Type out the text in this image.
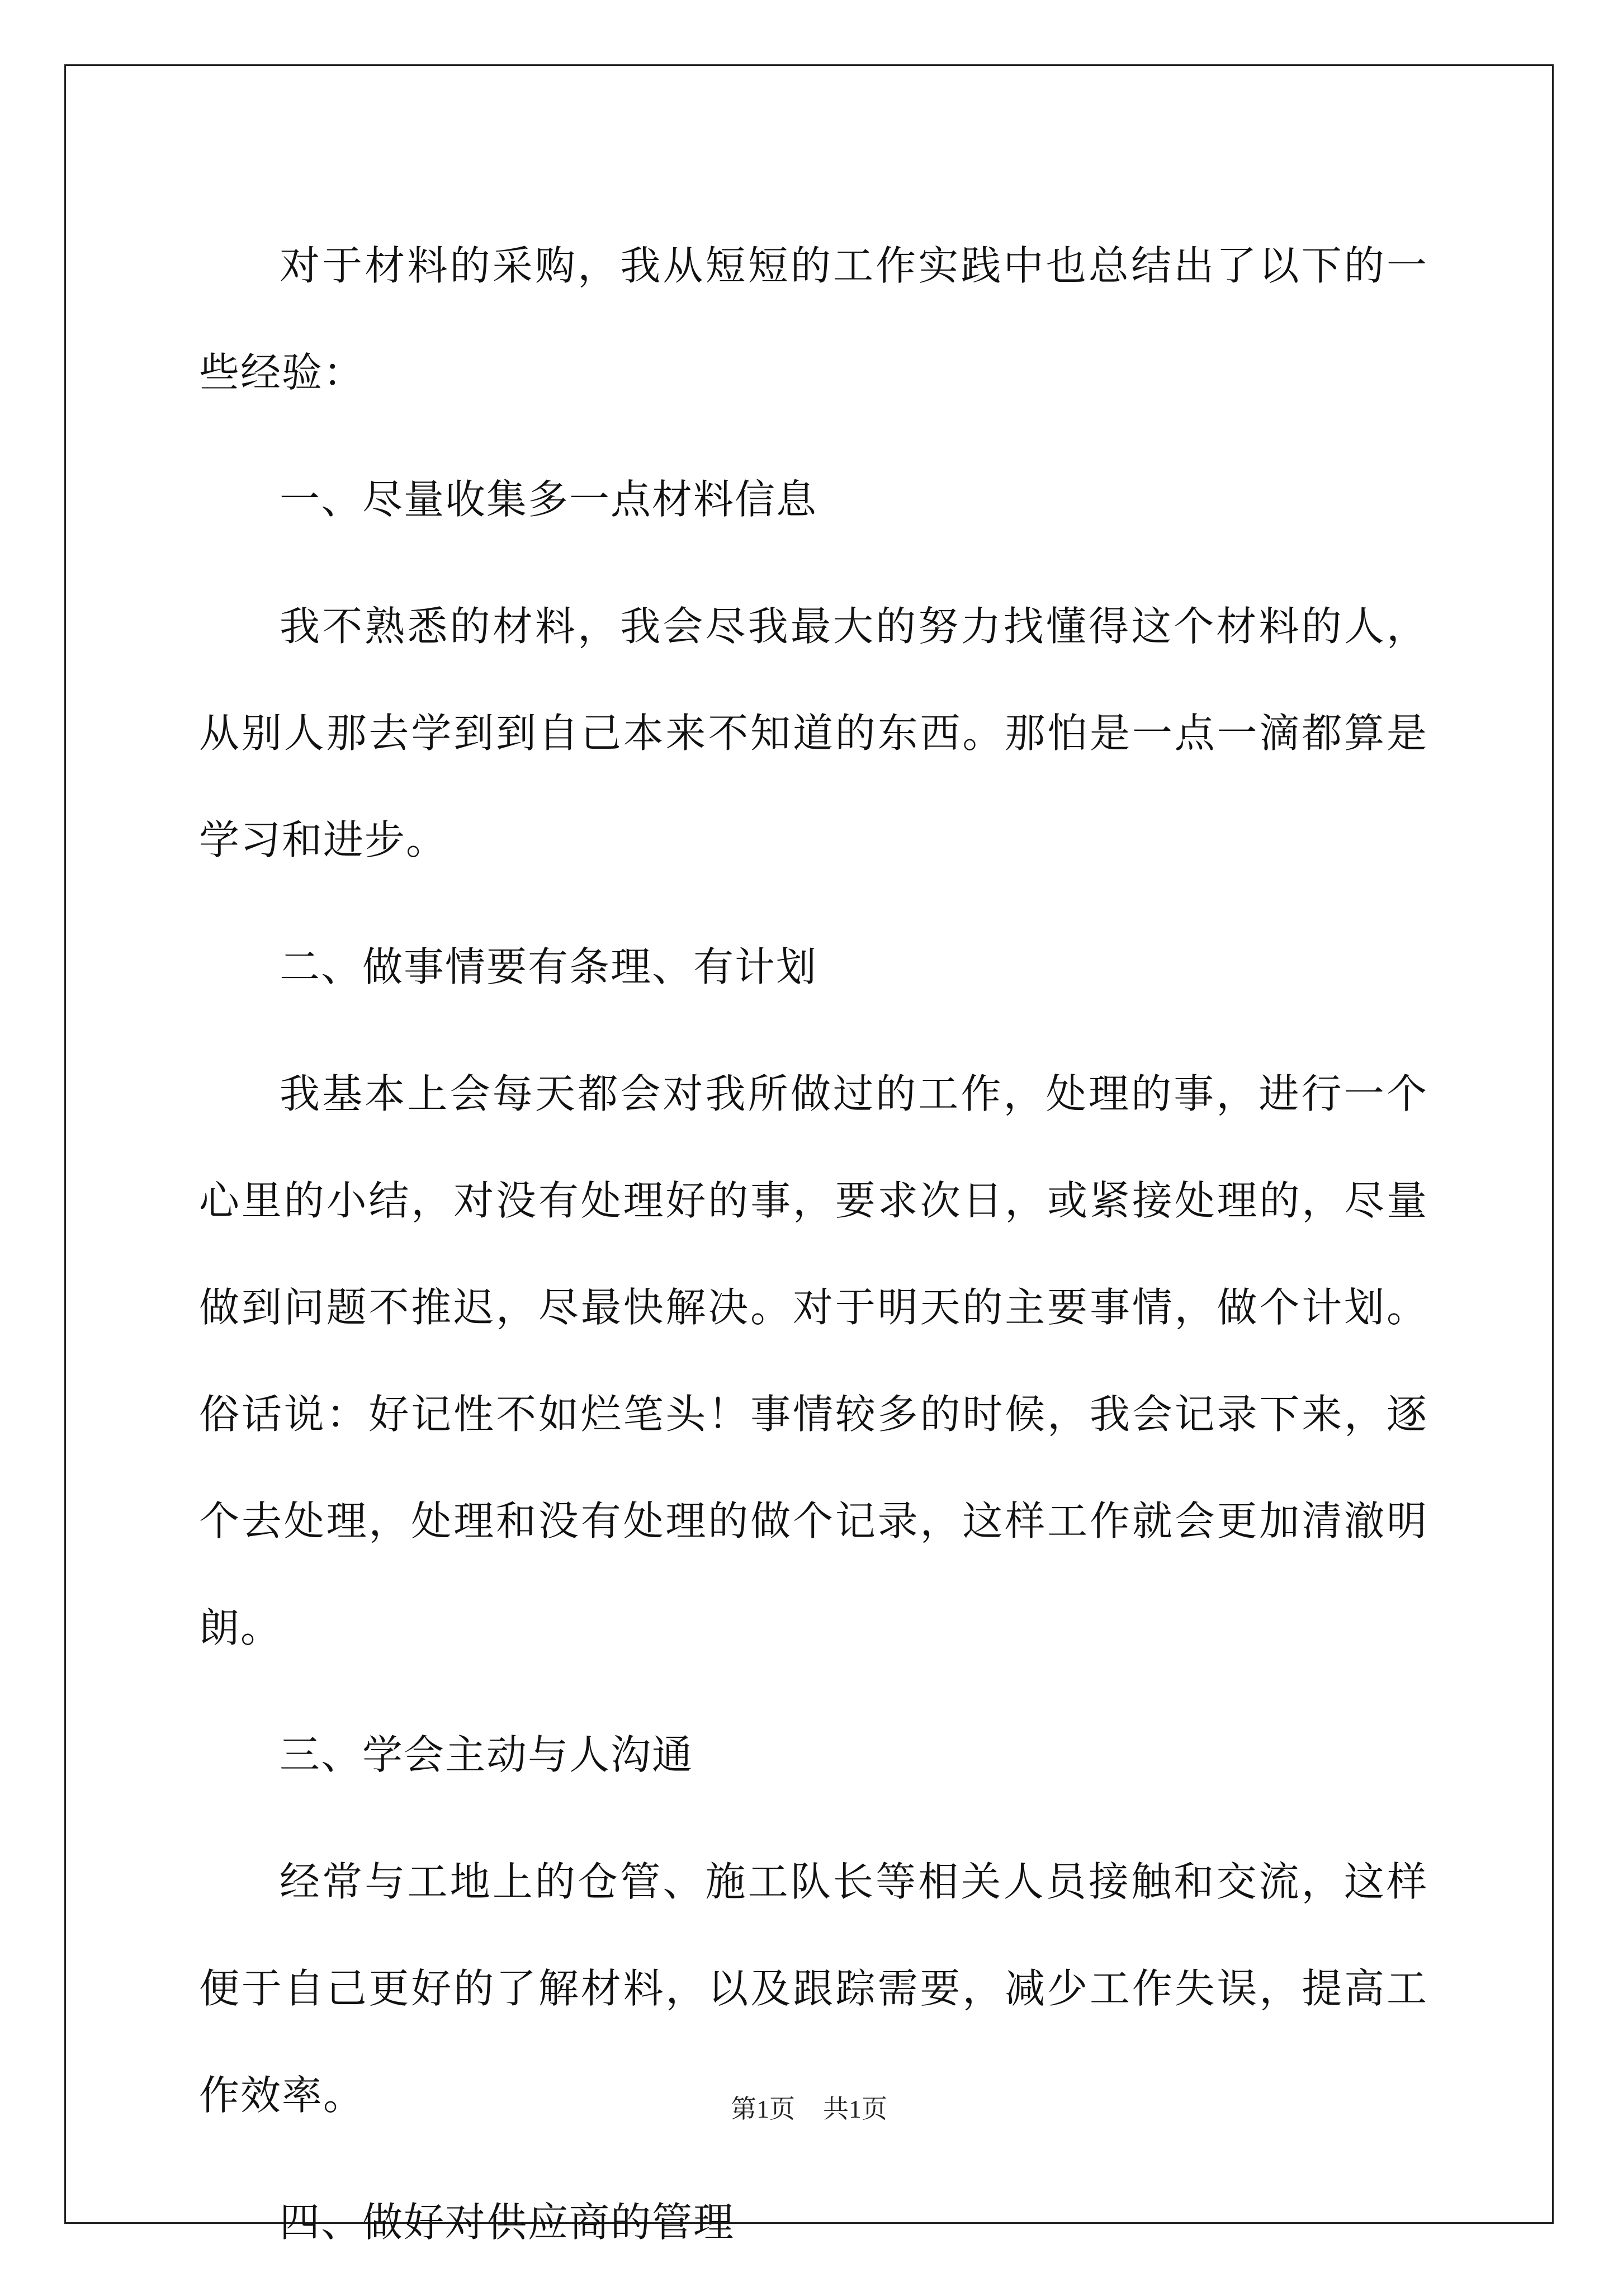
对于材料的采购，我从短短的工作实践中也总结出了以下的一些经验：

一、尽量收集多一点材料信息

我不熟悉的材料，我会尽我最大的努力找懂得这个材料的人，从别人那去学到到自己本来不知道的东西。那怕是一点一滴都算是学习和进步。

二、做事情要有条理、有计划

我基本上会每天都会对我所做过的工作，处理的事，进行一个心里的小结，对没有处理好的事，要求次日，或紧接处理的，尽量做到问题不推迟，尽最快解决。对于明天的主要事情，做个计划。俗话说：好记性不如烂笔头！事情较多的时候，我会记录下来，逐个去处理，处理和没有处理的做个记录，这样工作就会更加清澈明朗。

三、学会主动与人沟通

经常与工地上的仓管、施工队长等相关人员接触和交流，这样便于自己更好的了解材料，以及跟踪需要，减少工作失误，提高工作效率。

四、做好对供应商的管理

第1页 共1页
